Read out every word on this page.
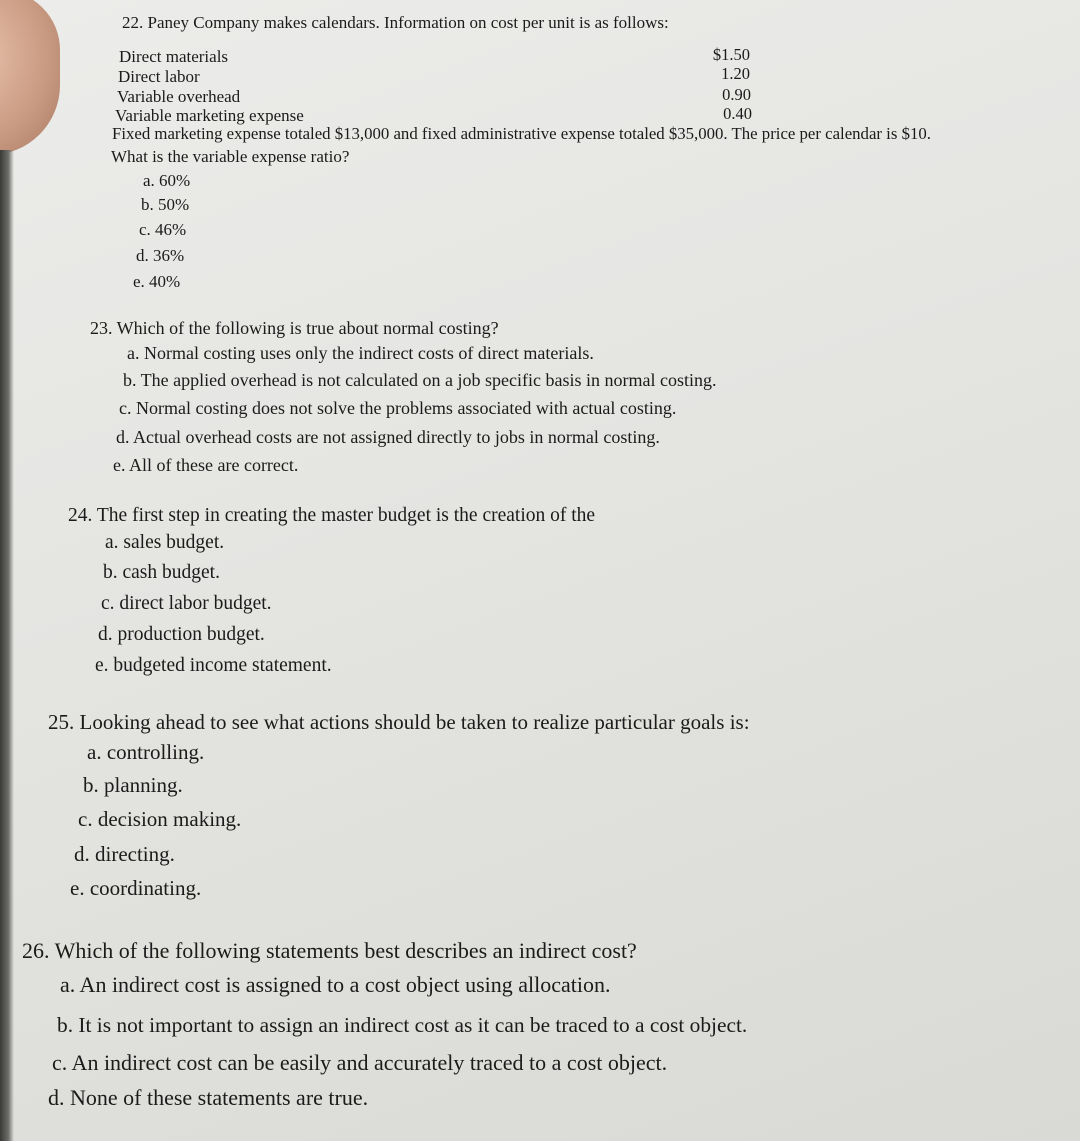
22. Paney Company makes calendars. Information on cost per unit is as follows:
Direct materials	$1.50
Direct labor	1.20
Variable overhead	0.90
Variable marketing expense	0.40
Fixed marketing expense totaled $13,000 and fixed administrative expense totaled $35,000. The price per calendar is $10.
What is the variable expense ratio?
a. 60%
b. 50%
c. 46%
d. 36%
e. 40%
23. Which of the following is true about normal costing?
a. Normal costing uses only the indirect costs of direct materials.
b. The applied overhead is not calculated on a job specific basis in normal costing.
c. Normal costing does not solve the problems associated with actual costing.
d. Actual overhead costs are not assigned directly to jobs in normal costing.
e. All of these are correct.
24. The first step in creating the master budget is the creation of the
a. sales budget.
b. cash budget.
c. direct labor budget.
d. production budget.
e. budgeted income statement.
25. Looking ahead to see what actions should be taken to realize particular goals is:
a. controlling.
b. planning.
c. decision making.
d. directing.
e. coordinating.
26. Which of the following statements best describes an indirect cost?
a. An indirect cost is assigned to a cost object using allocation.
b. It is not important to assign an indirect cost as it can be traced to a cost object.
c. An indirect cost can be easily and accurately traced to a cost object.
d. None of these statements are true.
